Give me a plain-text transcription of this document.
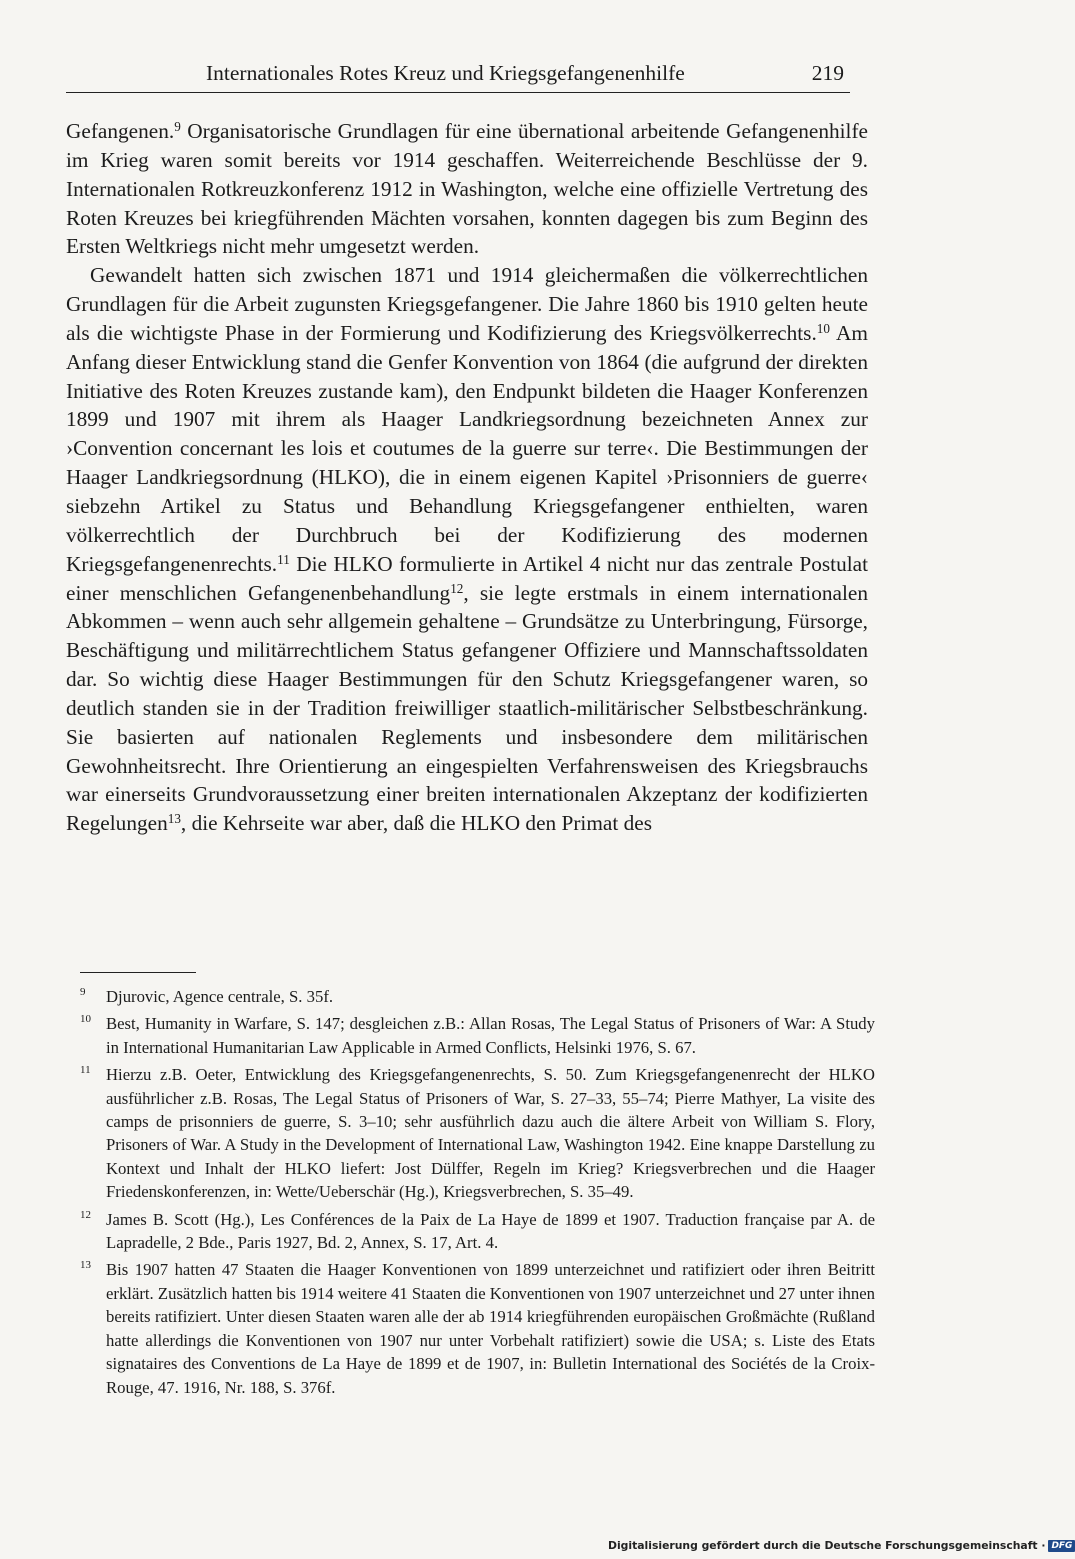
Internationales Rotes Kreuz und Kriegsgefangenenhilfe	219

Gefangenen.$^9$ Organisatorische Grundlagen für eine übernational arbeitende Gefangenenhilfe im Krieg waren somit bereits vor 1914 geschaffen. Weiterreichende Beschlüsse der 9. Internationalen Rotkreuzkonferenz 1912 in Washington, welche eine offizielle Vertretung des Roten Kreuzes bei kriegführenden Mächten vorsahen, konnten dagegen bis zum Beginn des Ersten Weltkriegs nicht mehr umgesetzt werden.

Gewandelt hatten sich zwischen 1871 und 1914 gleichermaßen die völkerrechtlichen Grundlagen für die Arbeit zugunsten Kriegsgefangener. Die Jahre 1860 bis 1910 gelten heute als die wichtigste Phase in der Formierung und Kodifizierung des Kriegsvölkerrechts.$^{10}$ Am Anfang dieser Entwicklung stand die Genfer Konvention von 1864 (die aufgrund der direkten Initiative des Roten Kreuzes zustande kam), den Endpunkt bildeten die Haager Konferenzen 1899 und 1907 mit ihrem als Haager Landkriegsordnung bezeichneten Annex zur ›Convention concernant les lois et coutumes de la guerre sur terre‹. Die Bestimmungen der Haager Landkriegsordnung (HLKO), die in einem eigenen Kapitel ›Prisonniers de guerre‹ siebzehn Artikel zu Status und Behandlung Kriegsgefangener enthielten, waren völkerrechtlich der Durchbruch bei der Kodifizierung des modernen Kriegsgefangenenrechts.$^{11}$ Die HLKO formulierte in Artikel 4 nicht nur das zentrale Postulat einer menschlichen Gefangenenbehandlung$^{12}$, sie legte erstmals in einem internationalen Abkommen – wenn auch sehr allgemein gehaltene – Grundsätze zu Unterbringung, Fürsorge, Beschäftigung und militärrechtlichem Status gefangener Offiziere und Mannschaftssoldaten dar. So wichtig diese Haager Bestimmungen für den Schutz Kriegsgefangener waren, so deutlich standen sie in der Tradition freiwilliger staatlich-militärischer Selbstbeschränkung. Sie basierten auf nationalen Reglements und insbesondere dem militärischen Gewohnheitsrecht. Ihre Orientierung an eingespielten Verfahrensweisen des Kriegsbrauchs war einerseits Grundvoraussetzung einer breiten internationalen Akzeptanz der kodifizierten Regelungen$^{13}$, die Kehrseite war aber, daß die HLKO den Primat des

9 Djurovic, Agence centrale, S. 35f.
10 Best, Humanity in Warfare, S. 147; desgleichen z.B.: Allan Rosas, The Legal Status of Prisoners of War: A Study in International Humanitarian Law Applicable in Armed Conflicts, Helsinki 1976, S. 67.
11 Hierzu z.B. Oeter, Entwicklung des Kriegsgefangenenrechts, S. 50. Zum Kriegsgefangenenrecht der HLKO ausführlicher z.B. Rosas, The Legal Status of Prisoners of War, S. 27–33, 55–74; Pierre Mathyer, La visite des camps de prisonniers de guerre, S. 3–10; sehr ausführlich dazu auch die ältere Arbeit von William S. Flory, Prisoners of War. A Study in the Development of International Law, Washington 1942. Eine knappe Darstellung zu Kontext und Inhalt der HLKO liefert: Jost Dülffer, Regeln im Krieg? Kriegsverbrechen und die Haager Friedenskonferenzen, in: Wette/Ueberschär (Hg.), Kriegsverbrechen, S. 35–49.
12 James B. Scott (Hg.), Les Conférences de la Paix de La Haye de 1899 et 1907. Traduction française par A. de Lapradelle, 2 Bde., Paris 1927, Bd. 2, Annex, S. 17, Art. 4.
13 Bis 1907 hatten 47 Staaten die Haager Konventionen von 1899 unterzeichnet und ratifiziert oder ihren Beitritt erklärt. Zusätzlich hatten bis 1914 weitere 41 Staaten die Konventionen von 1907 unterzeichnet und 27 unter ihnen bereits ratifiziert. Unter diesen Staaten waren alle der ab 1914 kriegführenden europäischen Großmächte (Rußland hatte allerdings die Konventionen von 1907 nur unter Vorbehalt ratifiziert) sowie die USA; s. Liste des Etats signataires des Conventions de La Haye de 1899 et de 1907, in: Bulletin International des Sociétés de la Croix-Rouge, 47. 1916, Nr. 188, S. 376f.
Digitalisierung gefördert durch die Deutsche Forschungsgemeinschaft · DFG
